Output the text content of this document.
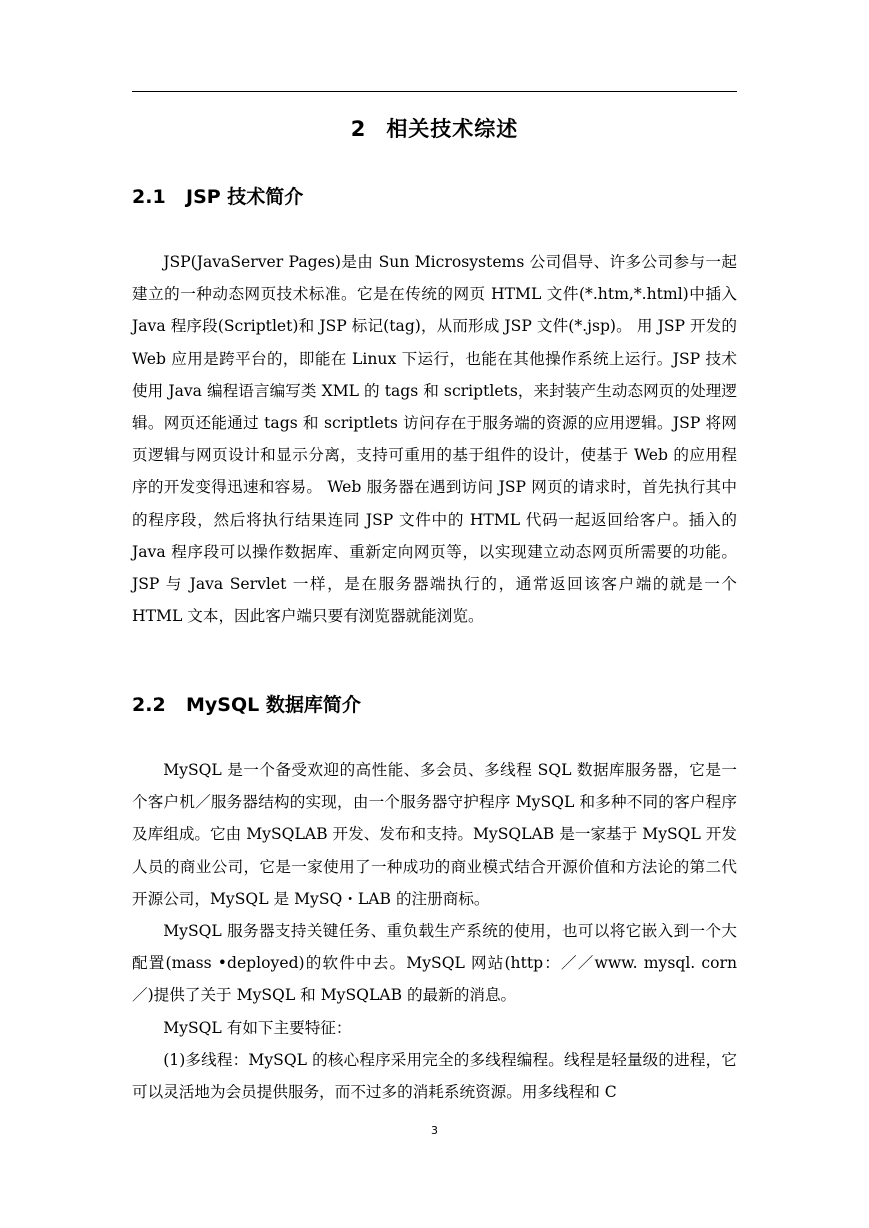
2 相关技术综述
2.1 JSP 技术简介

JSP(JavaServer Pages)是由 Sun Microsystems 公司倡导、许多公司参与一起建立的一种动态网页技术标准。它是在传统的网页 HTML 文件(*.htm,*.html)中插入 Java 程序段(Scriptlet)和 JSP 标记(tag)，从而形成 JSP 文件(*.jsp)。 用 JSP 开发的 Web 应用是跨平台的，即能在 Linux 下运行，也能在其他操作系统上运行。JSP 技术使用 Java 编程语言编写类 XML 的 tags 和 scriptlets，来封装产生动态网页的处理逻辑。网页还能通过 tags 和 scriptlets 访问存在于服务端的资源的应用逻辑。JSP 将网页逻辑与网页设计和显示分离，支持可重用的基于组件的设计，使基于 Web 的应用程序的开发变得迅速和容易。 Web 服务器在遇到访问 JSP 网页的请求时，首先执行其中的程序段，然后将执行结果连同 JSP 文件中的 HTML 代码一起返回给客户。插入的 Java 程序段可以操作数据库、重新定向网页等，以实现建立动态网页所需要的功能。 JSP 与 Java Servlet 一样，是在服务器端执行的，通常返回该客户端的就是一个 HTML 文本，因此客户端只要有浏览器就能浏览。

2.2 MySQL 数据库简介

MySQL 是一个备受欢迎的高性能、多会员、多线程 SQL 数据库服务器，它是一个客户机／服务器结构的实现，由一个服务器守护程序 MySQL 和多种不同的客户程序及库组成。它由 MySQLAB 开发、发布和支持。MySQLAB 是一家基于 MySQL 开发人员的商业公司，它是一家使用了一种成功的商业模式结合开源价值和方法论的第二代开源公司，MySQL 是 MySQ・LAB 的注册商标。

MySQL 服务器支持关键任务、重负载生产系统的使用，也可以将它嵌入到一个大配置(mass •deployed)的软件中去。MySQL 网站(http：／／www. mysql. corn ／)提供了关于 MySQL 和 MySQLAB 的最新的消息。

MySQL 有如下主要特征：

(1)多线程：MySQL 的核心程序采用完全的多线程编程。线程是轻量级的进程，它可以灵活地为会员提供服务，而不过多的消耗系统资源。用多线程和 C

3
